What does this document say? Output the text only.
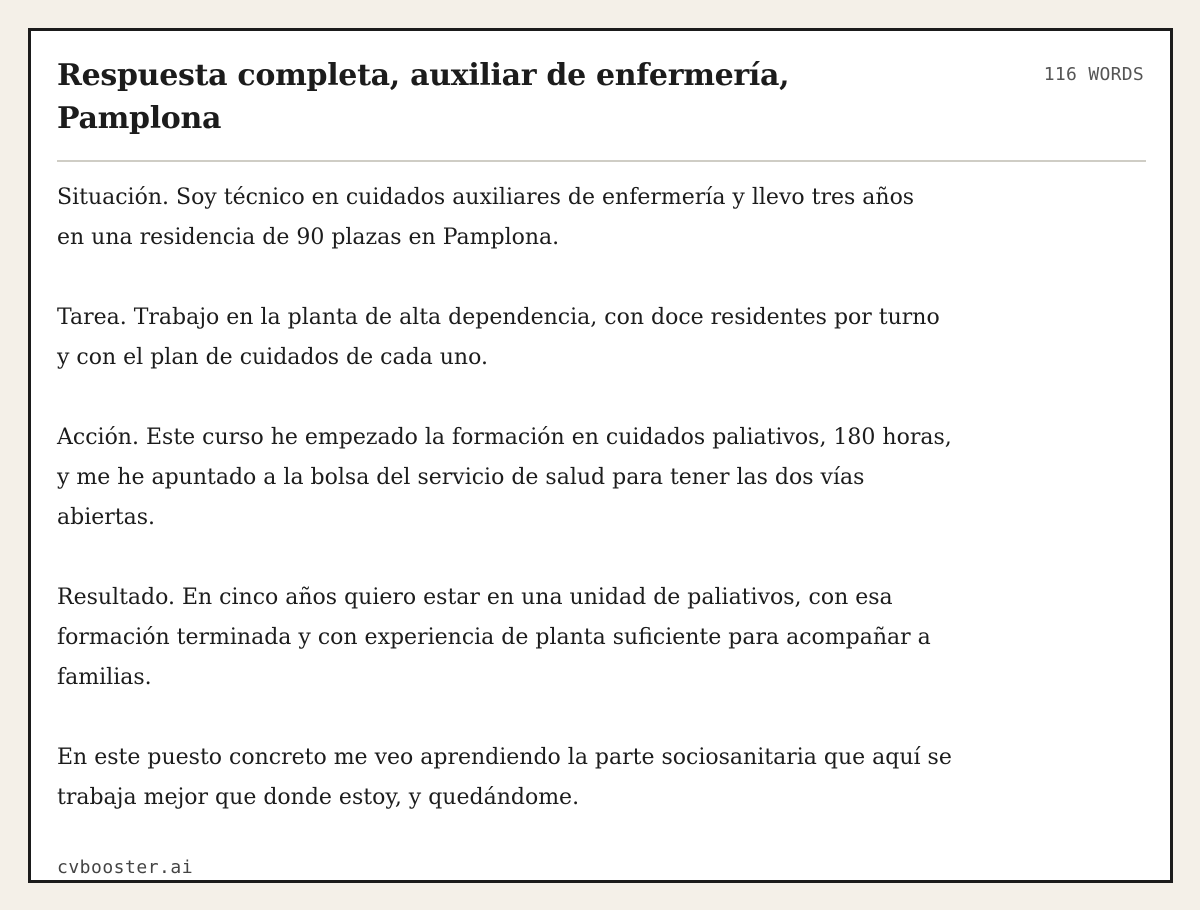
Respuesta completa, auxiliar de enfermería, Pamplona
116 WORDS

Situación. Soy técnico en cuidados auxiliares de enfermería y llevo tres años
en una residencia de 90 plazas en Pamplona.

Tarea. Trabajo en la planta de alta dependencia, con doce residentes por turno
y con el plan de cuidados de cada uno.

Acción. Este curso he empezado la formación en cuidados paliativos, 180 horas,
y me he apuntado a la bolsa del servicio de salud para tener las dos vías
abiertas.

Resultado. En cinco años quiero estar en una unidad de paliativos, con esa
formación terminada y con experiencia de planta suficiente para acompañar a
familias.

En este puesto concreto me veo aprendiendo la parte sociosanitaria que aquí se
trabaja mejor que donde estoy, y quedándome.

cvbooster.ai
